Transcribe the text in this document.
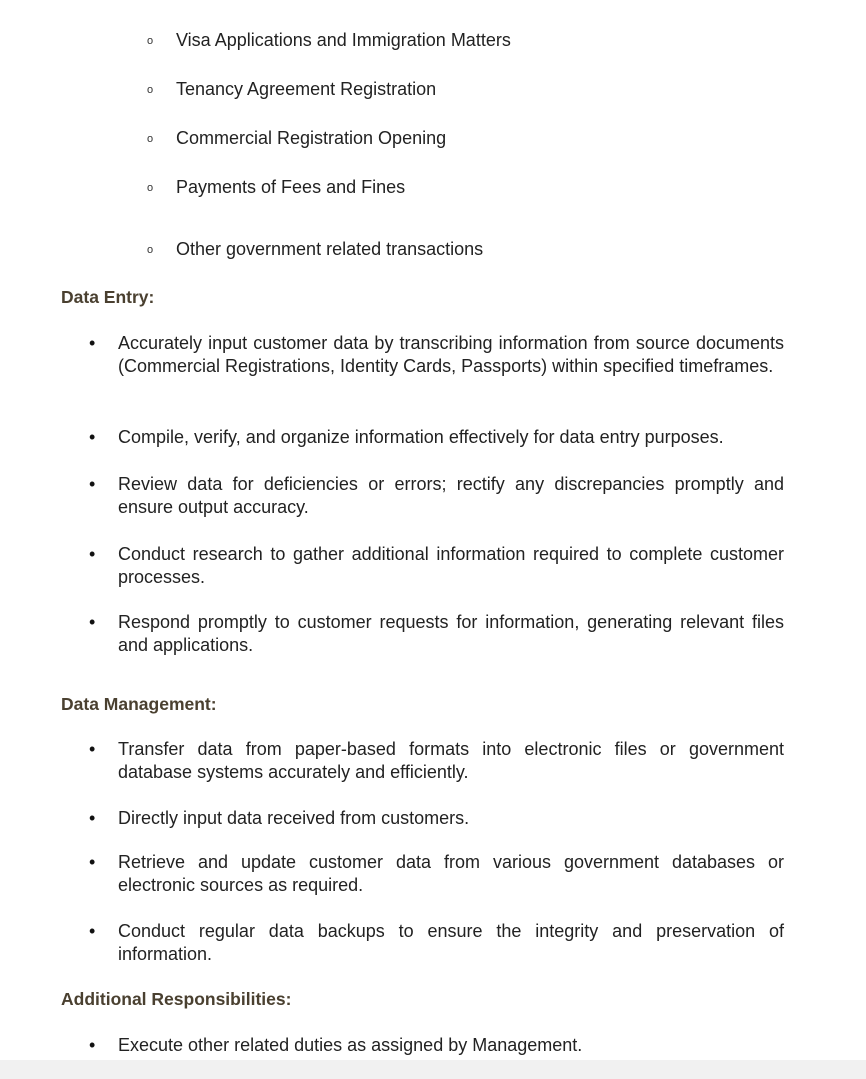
o Visa Applications and Immigration Matters
o Tenancy Agreement Registration
o Commercial Registration Opening
o Payments of Fees and Fines
o Other government related transactions
Data Entry:
• Accurately input customer data by transcribing information from source documents (Commercial Registrations, Identity Cards, Passports) within specified timeframes.
• Compile, verify, and organize information effectively for data entry purposes.
• Review data for deficiencies or errors; rectify any discrepancies promptly and ensure output accuracy.
• Conduct research to gather additional information required to complete customer processes.
• Respond promptly to customer requests for information, generating relevant files and applications.
Data Management:
• Transfer data from paper-based formats into electronic files or government database systems accurately and efficiently.
• Directly input data received from customers.
• Retrieve and update customer data from various government databases or electronic sources as required.
• Conduct regular data backups to ensure the integrity and preservation of information.
Additional Responsibilities:
• Execute other related duties as assigned by Management.
